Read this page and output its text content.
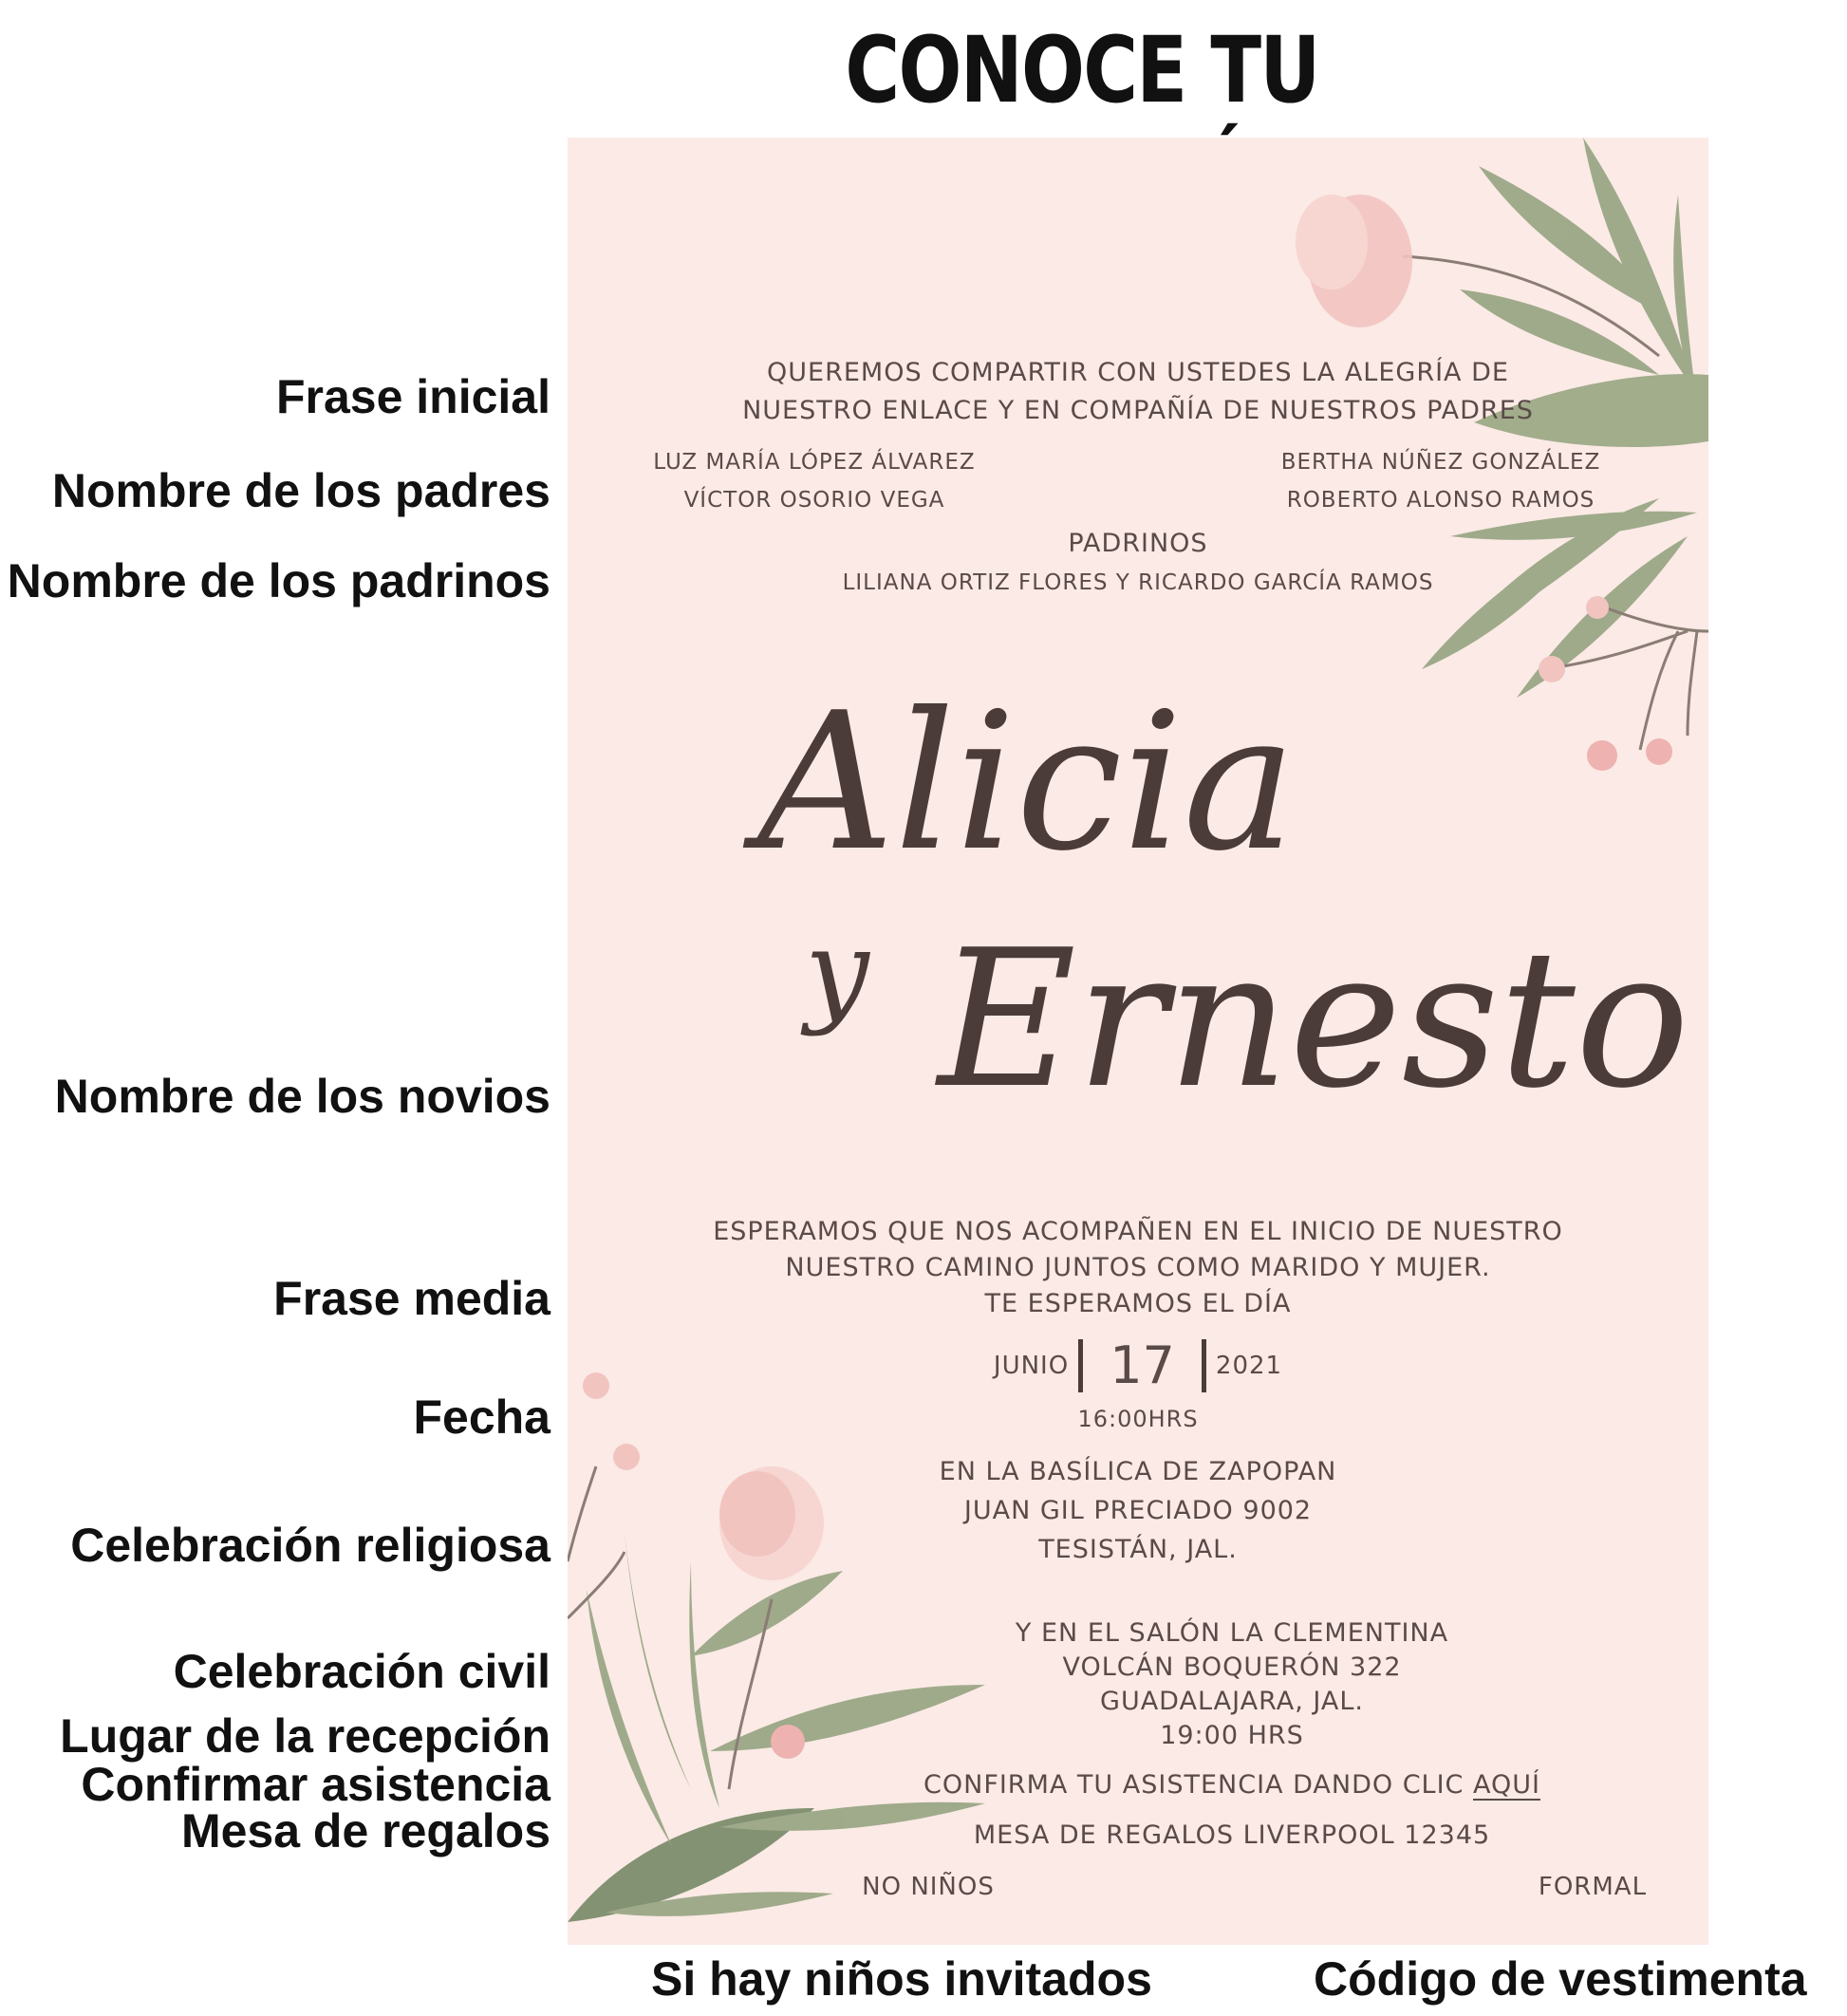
CONOCE TU
Frase inicial
Nombre de los padres
Nombre de los padrinos
Nombre de los novios
Frase media
Fecha
Celebración religiosa
Celebración civil
Lugar de la recepción
Confirmar asistencia
Mesa de regalos
Si hay niños invitados	Código de vestimenta
QUEREMOS COMPARTIR CON USTEDES LA ALEGRÍA DE
NUESTRO ENLACE Y EN COMPAÑÍA DE NUESTROS PADRES
LUZ MARÍA LÓPEZ ÁLVAREZ
VÍCTOR OSORIO VEGA
BERTHA NÚÑEZ GONZÁLEZ
ROBERTO ALONSO RAMOS
PADRINOS
LILIANA ORTIZ FLORES Y RICARDO GARCÍA RAMOS
Alicia
y Ernesto
ESPERAMOS QUE NOS ACOMPAÑEN EN EL INICIO DE NUESTRO
NUESTRO CAMINO JUNTOS COMO MARIDO Y MUJER.
TE ESPERAMOS EL DÍA
JUNIO 17 2021
16:00HRS
EN LA BASÍLICA DE ZAPOPAN
JUAN GIL PRECIADO 9002
TESISTÁN, JAL.
Y EN EL SALÓN LA CLEMENTINA
VOLCÁN BOQUERÓN 322
GUADALAJARA, JAL.
19:00 HRS
CONFIRMA TU ASISTENCIA DANDO CLIC AQUÍ
MESA DE REGALOS LIVERPOOL 12345
NO NIÑOS	FORMAL
